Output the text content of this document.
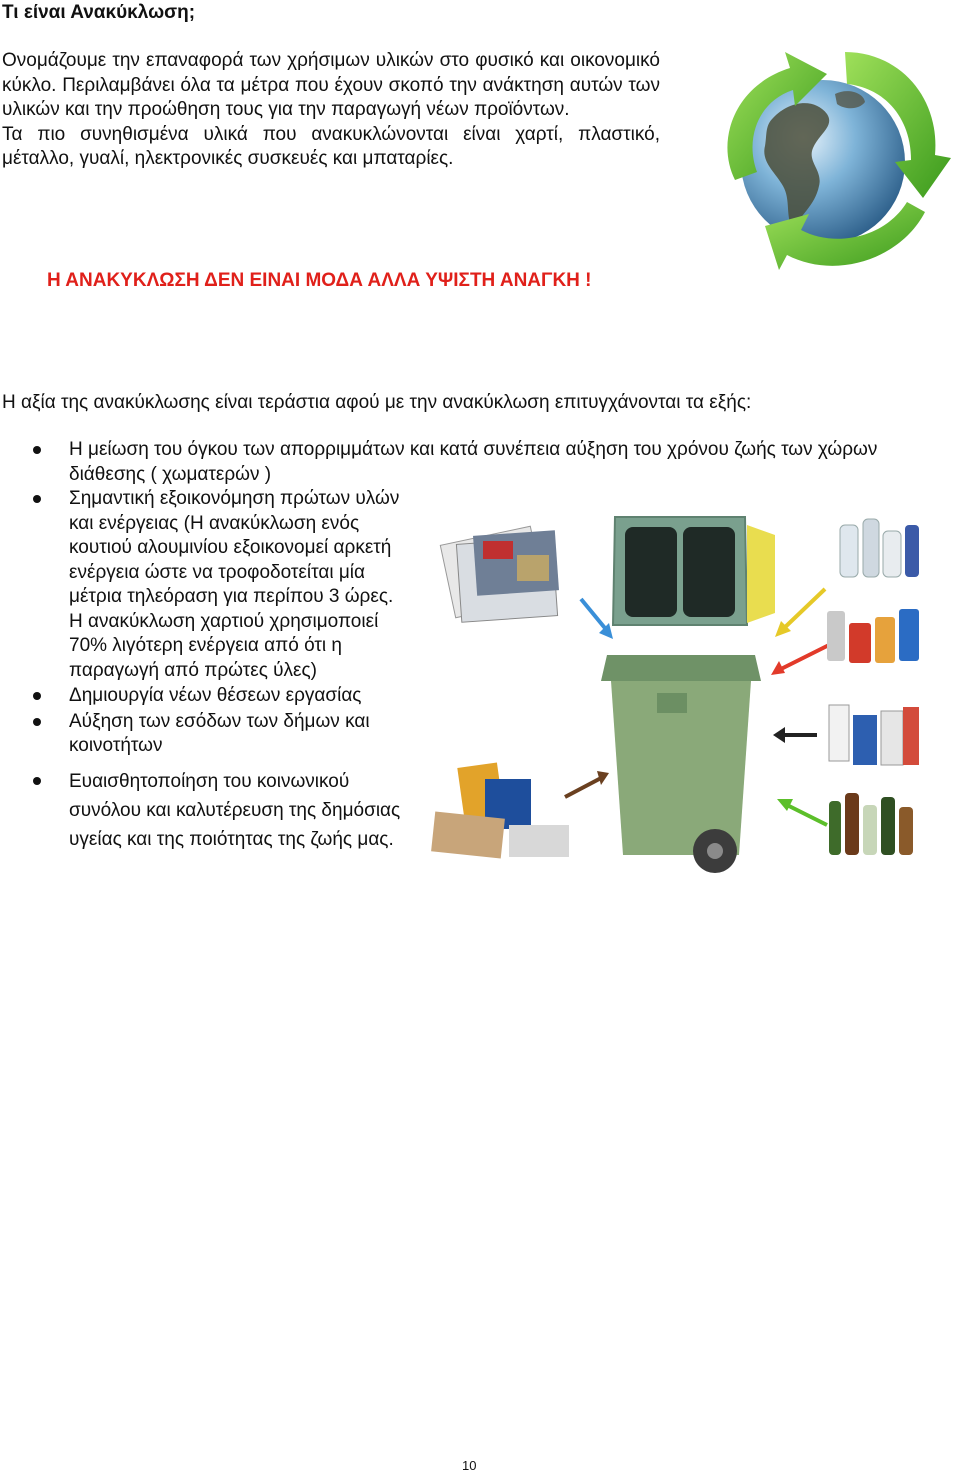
Τι είναι Ανακύκλωση;

Ονομάζουμε την επαναφορά των χρήσιμων υλικών στο φυσικό και οικονομικό κύκλο. Περιλαμβάνει όλα τα μέτρα που έχουν σκοπό την ανάκτηση αυτών των υλικών και την προώθηση τους για την παραγωγή νέων προϊόντων.

Τα πιο συνηθισμένα υλικά που ανακυκλώνονται είναι χαρτί, πλαστικό, μέταλλο, γυαλί, ηλεκτρονικές συσκευές και μπαταρίες.

Η ΑΝΑΚΥΚΛΩΣΗ ΔΕΝ ΕΙΝΑΙ ΜΟΔΑ ΑΛΛΑ ΥΨΙΣΤΗ ΑΝΑΓΚΗ !
Η αξία της ανακύκλωσης είναι τεράστια αφού με την ανακύκλωση επιτυγχάνονται τα εξής:
Η μείωση του όγκου των απορριμμάτων και κατά συνέπεια αύξηση του χρόνου ζωής των χώρων διάθεσης ( χωματερών )
Σημαντική εξοικονόμηση πρώτων υλών και ενέργειας (Η ανακύκλωση ενός κουτιού αλουμινίου εξοικονομεί αρκετή ενέργεια ώστε να τροφοδοτείται μία μέτρια τηλεόραση για περίπου 3 ώρες. Η ανακύκλωση χαρτιού χρησιμοποιεί 70% λιγότερη ενέργεια από ότι η παραγωγή από πρώτες ύλες)
Δημιουργία νέων θέσεων εργασίας
Αύξηση των εσόδων των δήμων και κοινοτήτων
Ευαισθητοποίηση του κοινωνικού συνόλου και καλυτέρευση της δημόσιας υγείας και της ποιότητας της ζωής μας.
10
